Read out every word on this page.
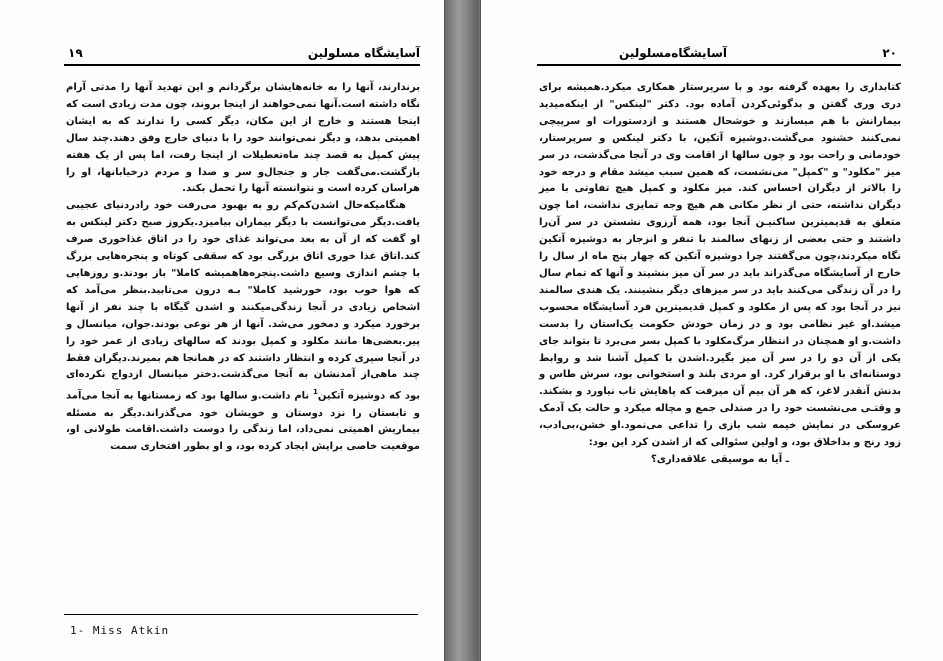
آسایشگاه مسلولین
۱۹

برندارند، آنها را به خانه‌هایشان برگردانم و این تهدید آنها را مدتی آرام نگاه داشته است.آنها نمی‌خواهند از اینجا بروند، چون مدت زیادی است که اینجا هستند و خارج از این مکان، دیگر کسی را ندارند که به ایشان اهمیتی بدهد، و دیگر نمی‌توانند خود را با دنیای خارج وفق دهند.چند سال پیش کمپل به قصد چند ماه‌تعطیلات از اینجا رفت، اما پس از یک هفته بازگشت.می‌گفت جار و جنجال‌و سر و صدا و مردم درخیابانها، او را هراسان کرده است و نتوانسته آنها را تحمل بکند.

هنگامیکه‌حال اشدن‌کم‌کم رو به بهبود می‌رفت خود رادردنیای عجیبی یافت.دیگر می‌توانست با دیگر بیماران بیامیزد.یکروز صبح دکتر لینکس به او گفت که از آن به بعد می‌تواند غذای خود را در اتاق غذاخوری صرف کند.اتاق غذا خوری اتاق بزرگی بود که سقفی کوتاه و پنجره‌هایی بزرگ با چشم اندازی وسیع داشت.پنجره‌هاهمیشه کاملا" باز بودند.و روزهایی که هوا خوب بود، خورشید کاملا" بـه درون می‌تابید.بنظر می‌آمد که اشخاص زیادی در آنجا زندگی‌میکنند و اشدن گیگاه با چند نفر از آنها برخورد میکرد و دمخور می‌شد. آنها از هر نوعی بودند.جوان، میانسال و پیر.بعضی‌ها مانند مکلود و کمپل بودند که سالهای زیادی از عمر خود را در آنجا سپری کرده و انتظار داشتند که در همانجا هم بمیرند.دیگران فقط چند ماهی‌از آمدنشان به آنجا می‌گذشت.دختر میانسال ازدواج نکرده‌ای بود که دوشیزه آتکین$^1$ نام داشت.و سالها بود که زمستانها به آنجا می‌آمد و تابستان را نزد دوستان و خویشان خود می‌گذراند.دیگر به مسئله بیماریش اهمیتی نمی‌داد، اما زندگی را دوست داشت.اقامت طولانی او، موقعیت خاصی برایش ایجاد کرده بود، و او بطور افتخاری سمت

1- Miss Atkin
آسایشگاه‌مسلولین	۲۰

کتابداری را بعهده گرفته بود و با سرپرستار همکاری میکرد.همیشه برای دری وری گفتن و بدگوئی‌کردن آماده بود. دکتر "لینکس" از اینکه‌میدید بیمارانش با هم میسازند و خوشحال هستند و ازدستورات او سرپیچی نمی‌کنند خشنود می‌گشت.دوشیزه آتکین، با دکتر لینکس و سرپرستار، خودمانی و راحت بود و چون سالها از اقامت وی در آنجا می‌گذشت، در سر میز "مکلود" و "کمپل" می‌نشست، که همین سبب میشد مقام و درجه خود را بالاتر از دیگران احساس کند. میز مکلود و کمپل هیچ تفاوتی با میز دیگران نداشته، حتی از نظر مکانی هم هیچ وجه تمایزی نداشت، اما چون متعلق به قدیمیترین ساکنیـن آنجا بود، همه آرزوی نشستن در سر آن‌را داشتند و حتی بعضی از زنهای سالمند با تنفر و انزجار به دوشیزه آتکین نگاه میکردند،چون می‌گفتند چرا دوشیزه آتکین که چهار پنج ماه از سال را خارج از آسایشگاه می‌گذراند باید در سر آن میز بنشیند و آنها که تمام سال را در آن زندگی می‌کنند باید در سر میزهای دیگر بنشینند. یک هندی سالمند نیز در آنجا بود که پس از مکلود و کمپل قدیمیترین فرد آسایشگاه محسوب میشد.او غیر نظامی بود و در زمان خودش حکومت یک‌استان را بدست داشت.و او همچنان در انتظار مرگ‌مکلود با کمپل بسر می‌برد تا بتواند جای یکی از آن دو را در سر آن میز بگیرد.اشدن با کمپل آشنا شد و روابط دوستانه‌ای با او برقرار کرد. او مردی بلند و استخوانی بود، سرش طاس و بدنش آنقدر لاغر، که هر آن بیم آن میرفت که پاهایش تاب نیاورد و بشکند. و وقتـی می‌نشست خود را در صندلی جمع و مچاله میکرد و حالت یک آدمک عروسکی در نمایش خیمه شب بازی را تداعی می‌نمود.او خشن،بی‌ادب، زود رنج و بداخلاق بود، و اولین سئوالی که از اشدن کرد این بود:

ـ آیا به موسیقی علاقه‌داری؟
